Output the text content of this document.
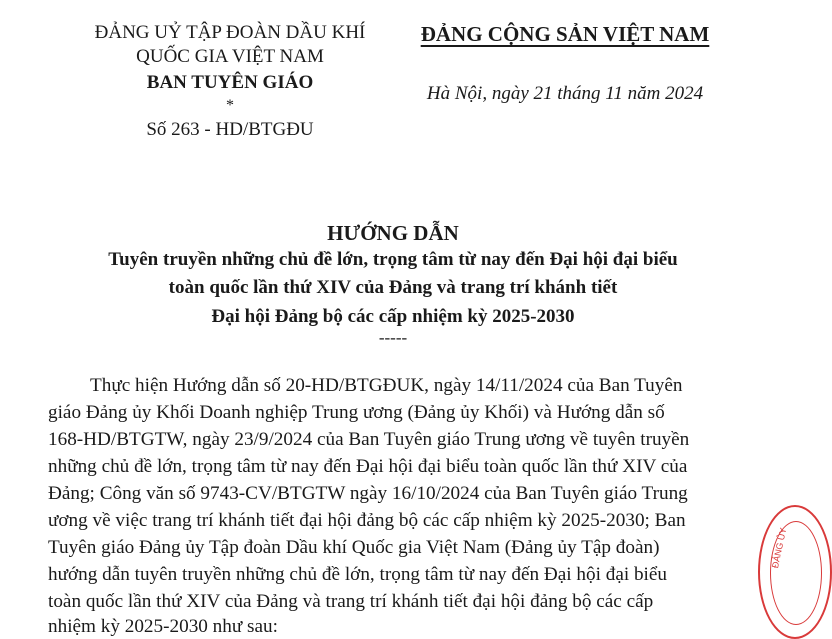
ĐẢNG UỶ TẬP ĐOÀN DẦU KHÍ
QUỐC GIA VIỆT NAM
BAN TUYÊN GIÁO
*
Số 263 - HD/BTGĐU
ĐẢNG CỘNG SẢN VIỆT NAM
Hà Nội, ngày 21 tháng 11 năm 2024
HƯỚNG DẪN
Tuyên truyền những chủ đề lớn, trọng tâm từ nay đến Đại hội đại biểu
toàn quốc lần thứ XIV của Đảng và trang trí khánh tiết
Đại hội Đảng bộ các cấp nhiệm kỳ 2025-2030
-----
Thực hiện Hướng dẫn số 20-HD/BTGĐUK, ngày 14/11/2024 của Ban Tuyên
giáo Đảng ủy Khối Doanh nghiệp Trung ương (Đảng ủy Khối) và Hướng dẫn số
168-HD/BTGTW, ngày 23/9/2024 của Ban Tuyên giáo Trung ương về tuyên truyền
những chủ đề lớn, trọng tâm từ nay đến Đại hội đại biểu toàn quốc lần thứ XIV của
Đảng; Công văn số 9743-CV/BTGTW ngày 16/10/2024 của Ban Tuyên giáo Trung
ương về việc trang trí khánh tiết đại hội đảng bộ các cấp nhiệm kỳ 2025-2030; Ban
Tuyên giáo Đảng ủy Tập đoàn Dầu khí Quốc gia Việt Nam (Đảng ủy Tập đoàn)
hướng dẫn tuyên truyền những chủ đề lớn, trọng tâm từ nay đến Đại hội đại biểu
toàn quốc lần thứ XIV của Đảng và trang trí khánh tiết đại hội đảng bộ các cấp
nhiệm kỳ 2025-2030 như sau:
ĐẢNG ỦY
